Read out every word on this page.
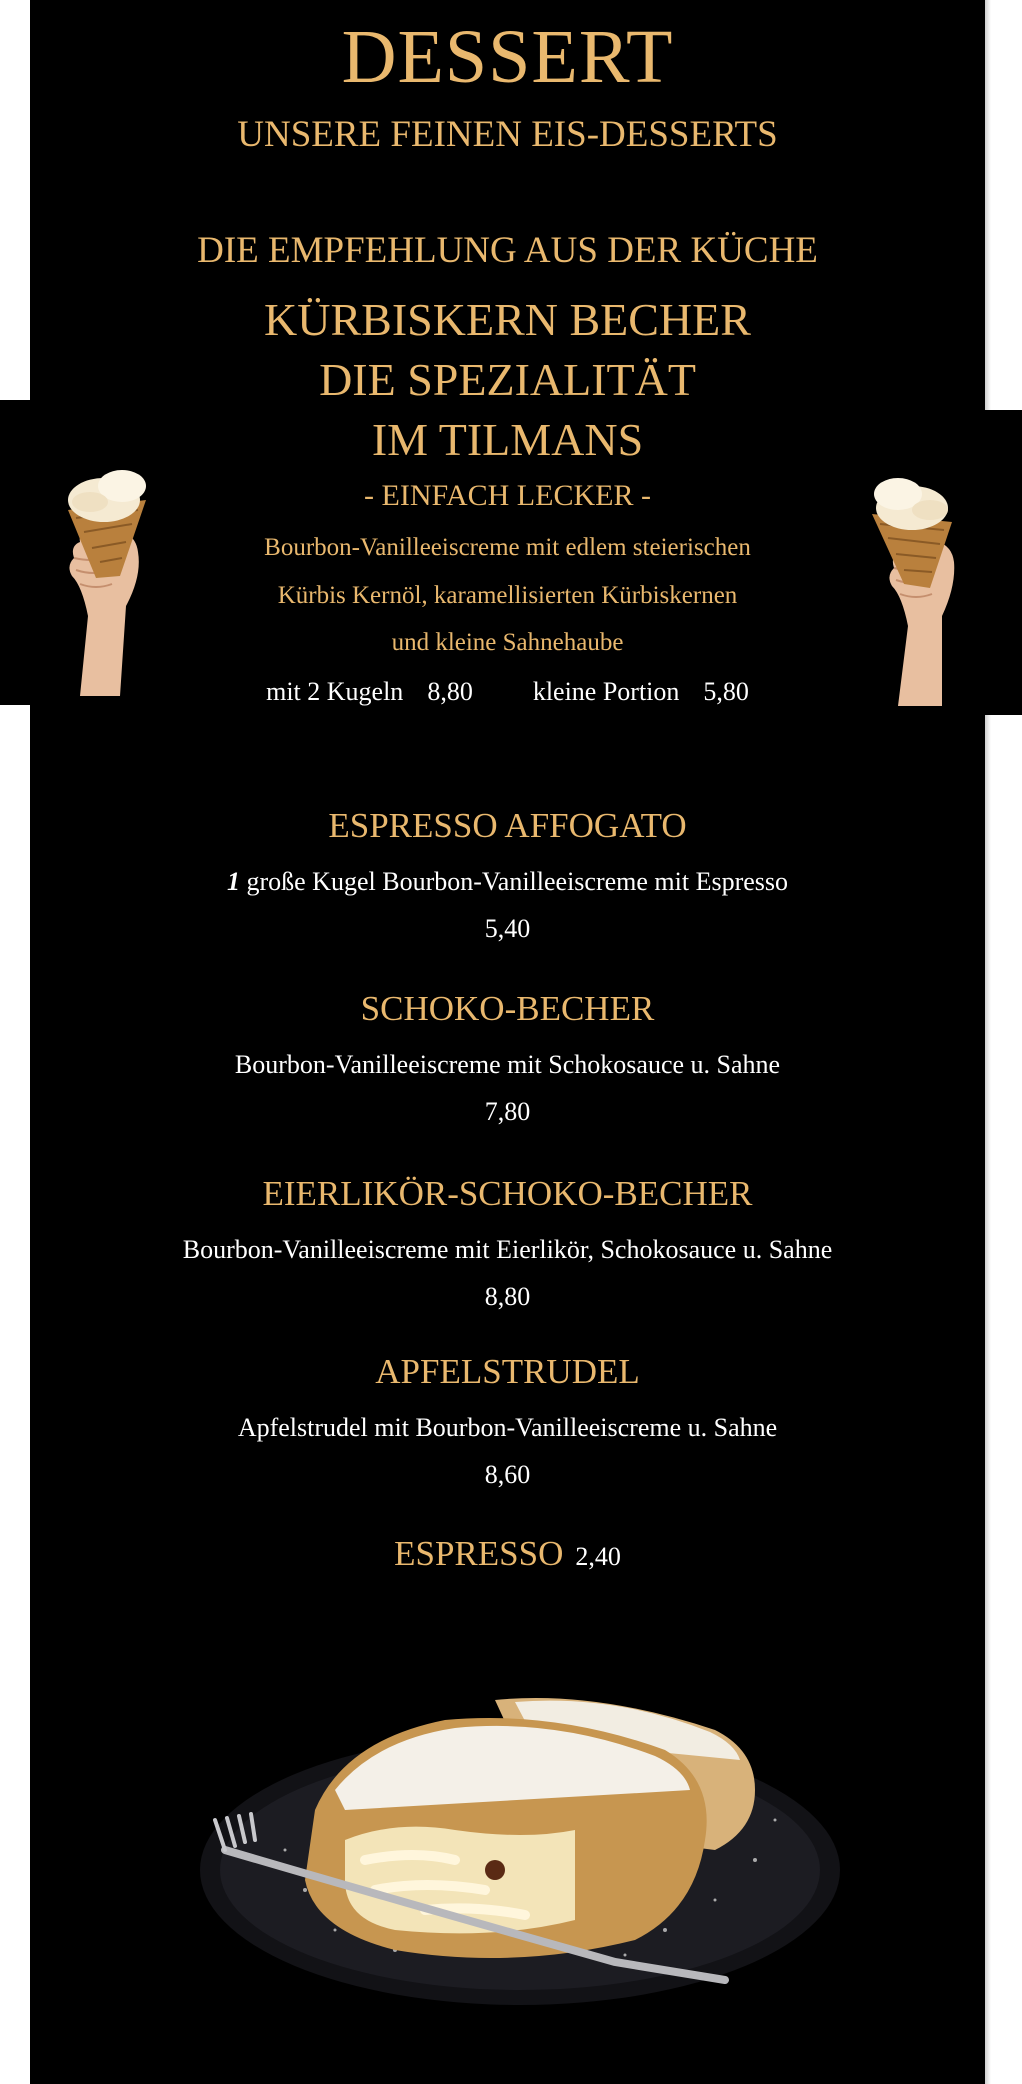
DESSERT
UNSERE FEINEN EIS-DESSERTS
DIE EMPFEHLUNG AUS DER KÜCHE
KÜRBISKERN BECHER
DIE SPEZIALITÄT
IM TILMANS
- EINFACH LECKER -
Bourbon-Vanilleeiscreme mit edlem steierischen
Kürbis Kernöl, karamellisierten Kürbiskernen
und kleine Sahnehaube
mit 2 Kugeln 8,80 kleine Portion 5,80
ESPRESSO AFFOGATO
1 große Kugel Bourbon-Vanilleeiscreme mit Espresso
5,40
SCHOKO-BECHER
Bourbon-Vanilleeiscreme mit Schokosauce u. Sahne
7,80
EIERLIKÖR-SCHOKO-BECHER
Bourbon-Vanilleeiscreme mit Eierlikör, Schokosauce u. Sahne
8,80
APFELSTRUDEL
Apfelstrudel mit Bourbon-Vanilleeiscreme u. Sahne
8,60
ESPRESSO 2,40
